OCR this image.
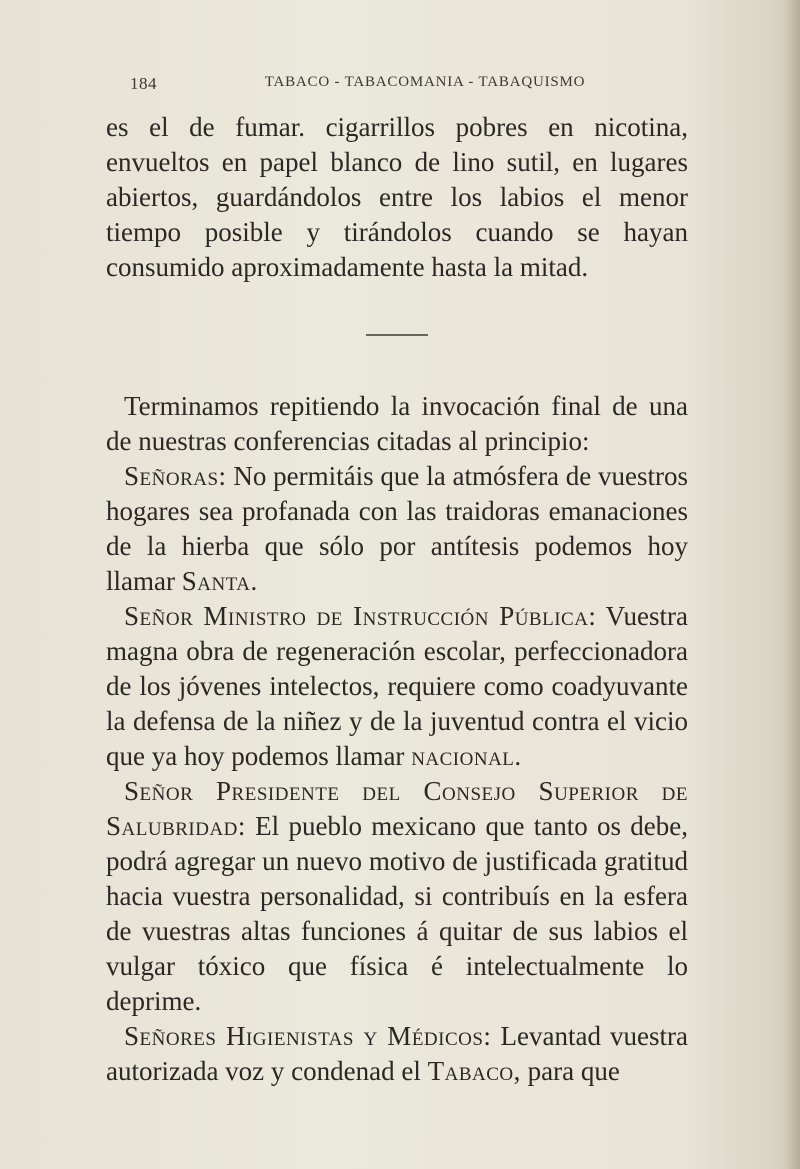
184	TABACO - TABACOMANIA - TABAQUISMO

es el de fumar. cigarrillos pobres en nicotina, envueltos en papel blanco de lino sutil, en lugares abiertos, guardándolos entre los labios el menor tiempo posible y tirándolos cuando se hayan consumido aproximadamente hasta la mitad.

Terminamos repitiendo la invocación final de una de nuestras conferencias citadas al principio:

Señoras: No permitáis que la atmósfera de vuestros hogares sea profanada con las traidoras emanaciones de la hierba que sólo por antítesis podemos hoy llamar Santa.

Señor Ministro de Instrucción Pública: Vuestra magna obra de regeneración escolar, perfeccionadora de los jóvenes intelectos, requiere como coadyuvante la defensa de la niñez y de la juventud contra el vicio que ya hoy podemos llamar nacional.

Señor Presidente del Consejo Superior de Salubridad: El pueblo mexicano que tanto os debe, podrá agregar un nuevo motivo de justificada gratitud hacia vuestra personalidad, si contribuís en la esfera de vuestras altas funciones á quitar de sus labios el vulgar tóxico que física é intelectualmente lo deprime.

Señores Higienistas y Médicos: Levantad vuestra autorizada voz y condenad el Tabaco, para que
